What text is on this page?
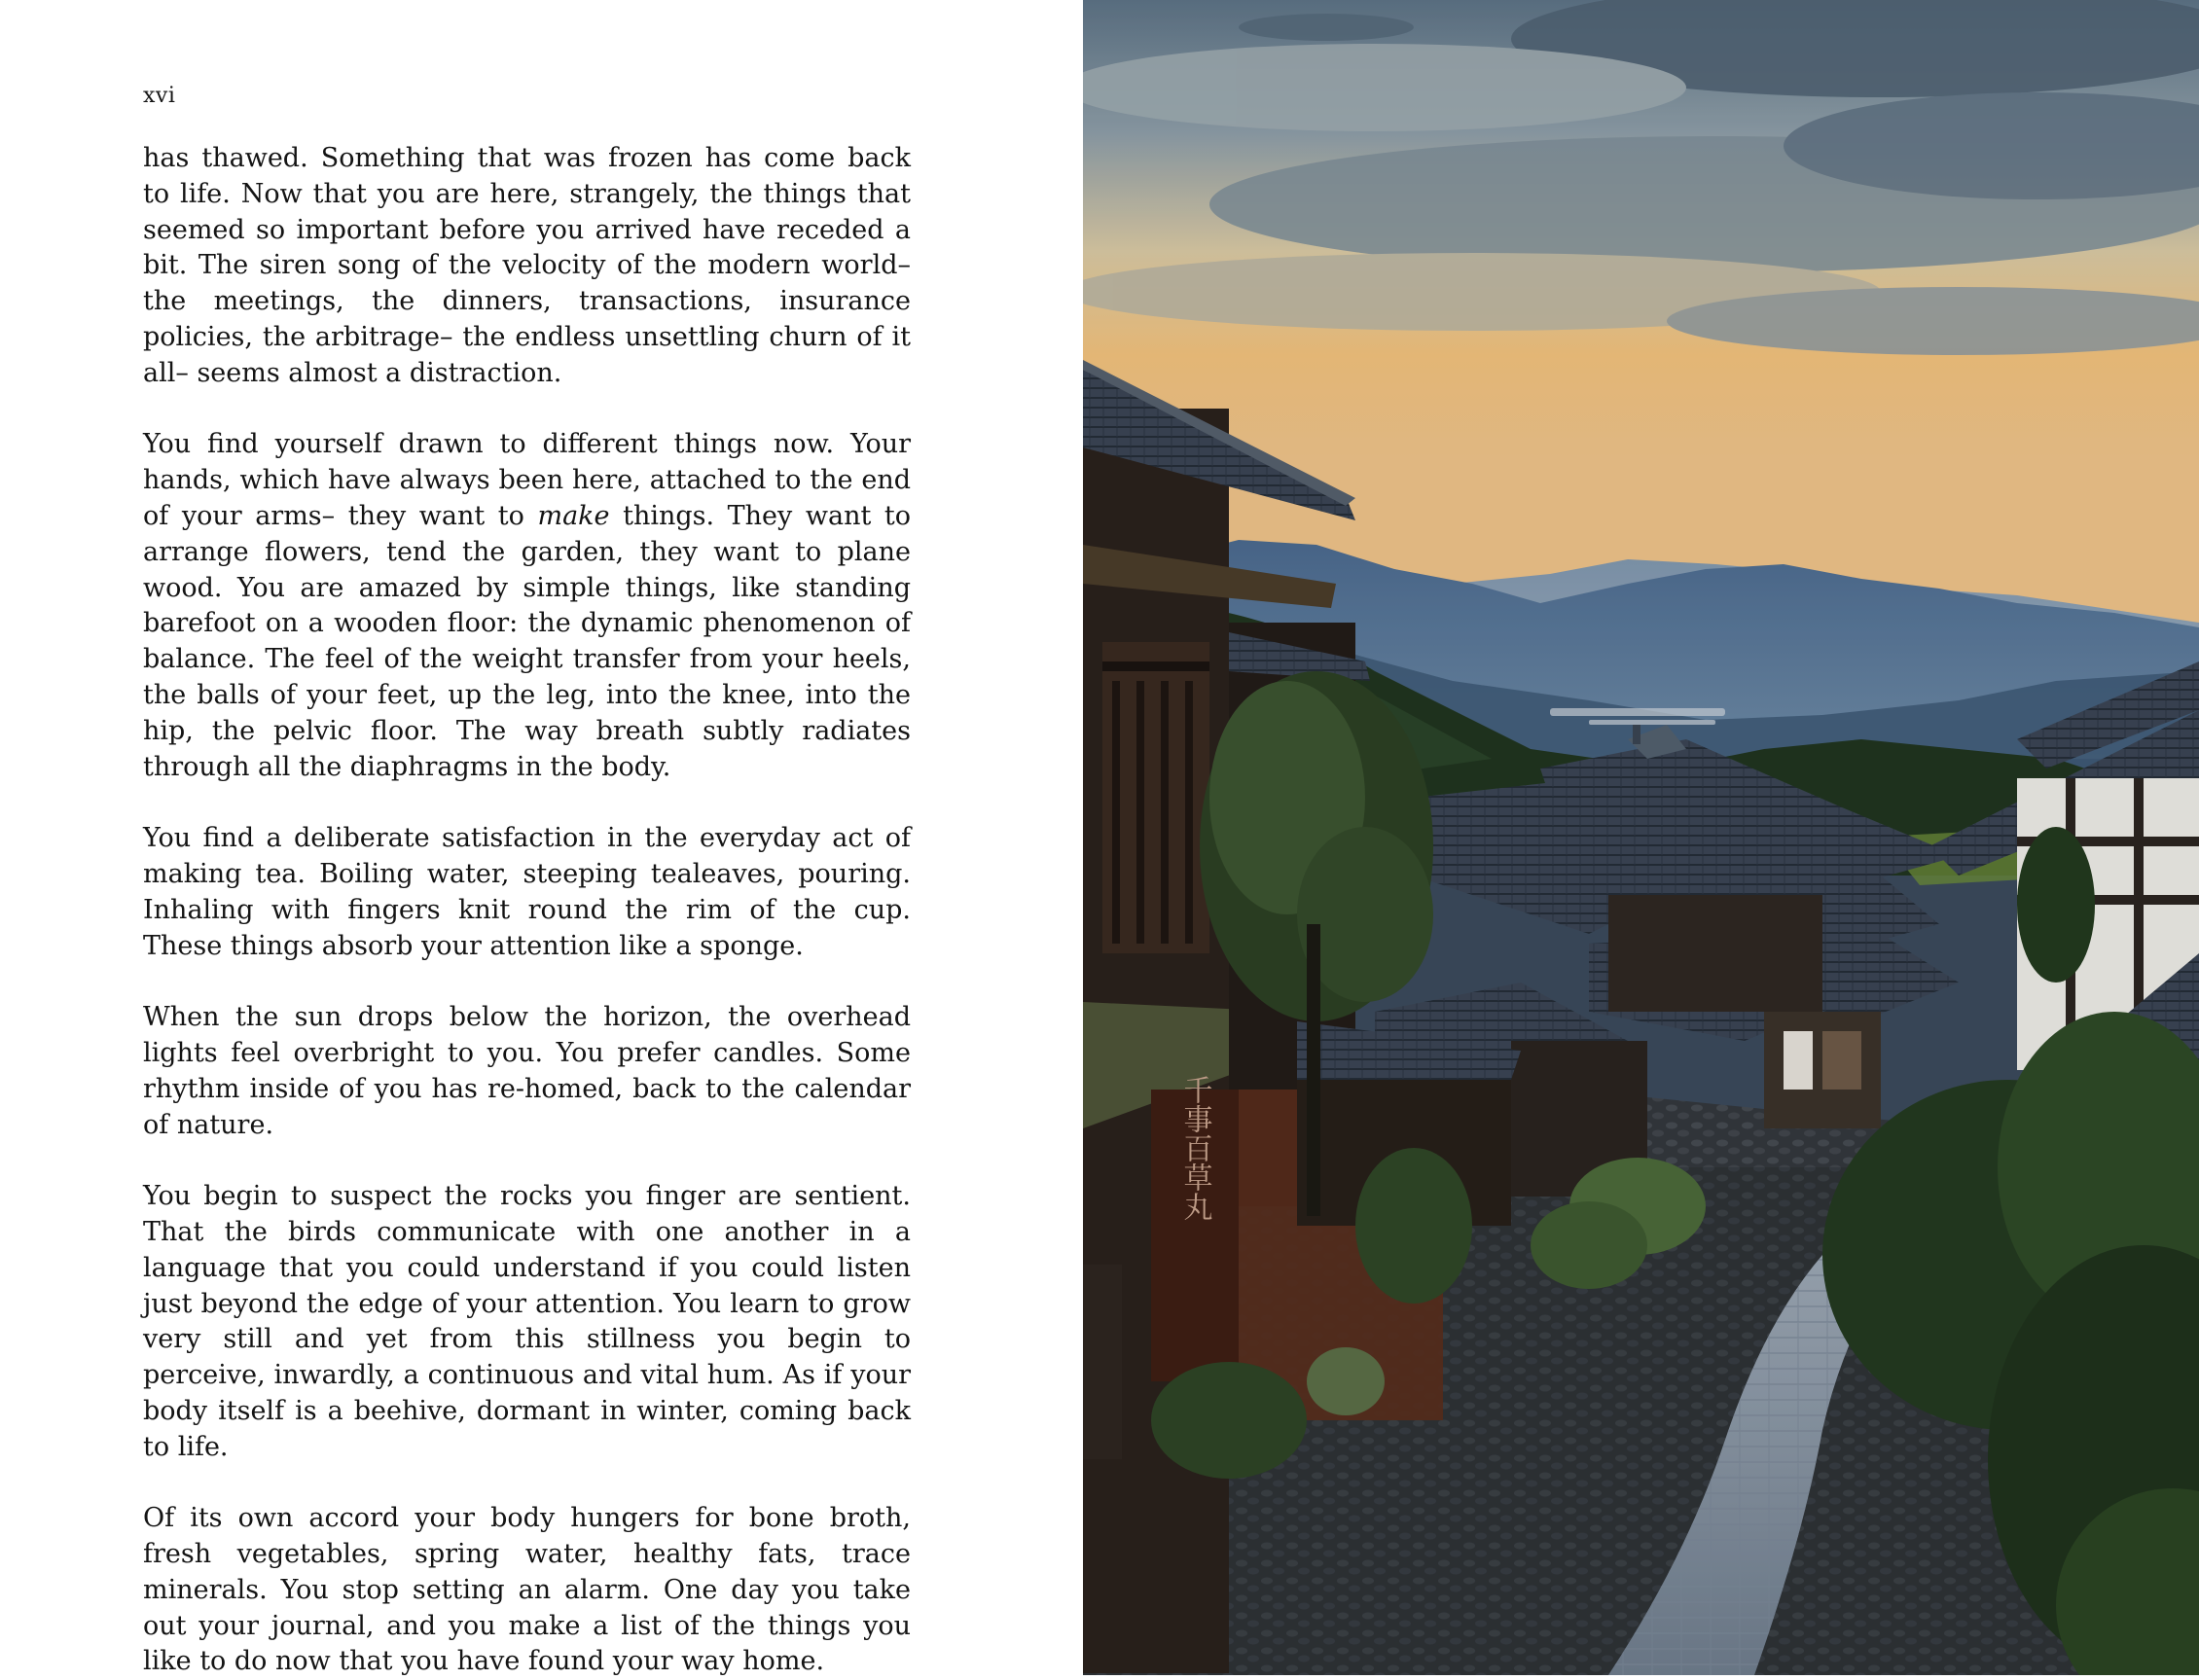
xvi

has thawed. Something that was frozen has come back to life. Now that you are here, strangely, the things that seemed so important before you arrived have receded a bit. The siren song of the velocity of the modern world– the meetings, the dinners, transactions, insurance policies, the arbitrage– the endless unsettling churn of it all– seems almost a distraction.

You find yourself drawn to different things now. Your hands, which have always been here, attached to the end of your arms– they want to make things. They want to arrange flowers, tend the garden, they want to plane wood. You are amazed by simple things, like standing barefoot on a wooden floor: the dynamic phenomenon of balance. The feel of the weight transfer from your heels, the balls of your feet, up the leg, into the knee, into the hip, the pelvic floor. The way breath subtly radiates through all the diaphragms in the body.

You find a deliberate satisfaction in the everyday act of making tea. Boiling water, steeping tealeaves, pouring. Inhaling with fingers knit round the rim of the cup. These things absorb your attention like a sponge.

When the sun drops below the horizon, the overhead lights feel overbright to you. You prefer candles. Some rhythm inside of you has re-homed, back to the calendar of nature.

You begin to suspect the rocks you finger are sentient. That the birds communicate with one another in a language that you could understand if you could listen just beyond the edge of your attention. You learn to grow very still and yet from this stillness you begin to perceive, inwardly, a continuous and vital hum. As if your body itself is a beehive, dormant in winter, coming back to life.

Of its own accord your body hungers for bone broth, fresh vegetables, spring water, healthy fats, trace minerals. You stop setting an alarm. One day you take out your journal, and you make a list of the things you like to do now that you have found your way home.

千事百草丸
